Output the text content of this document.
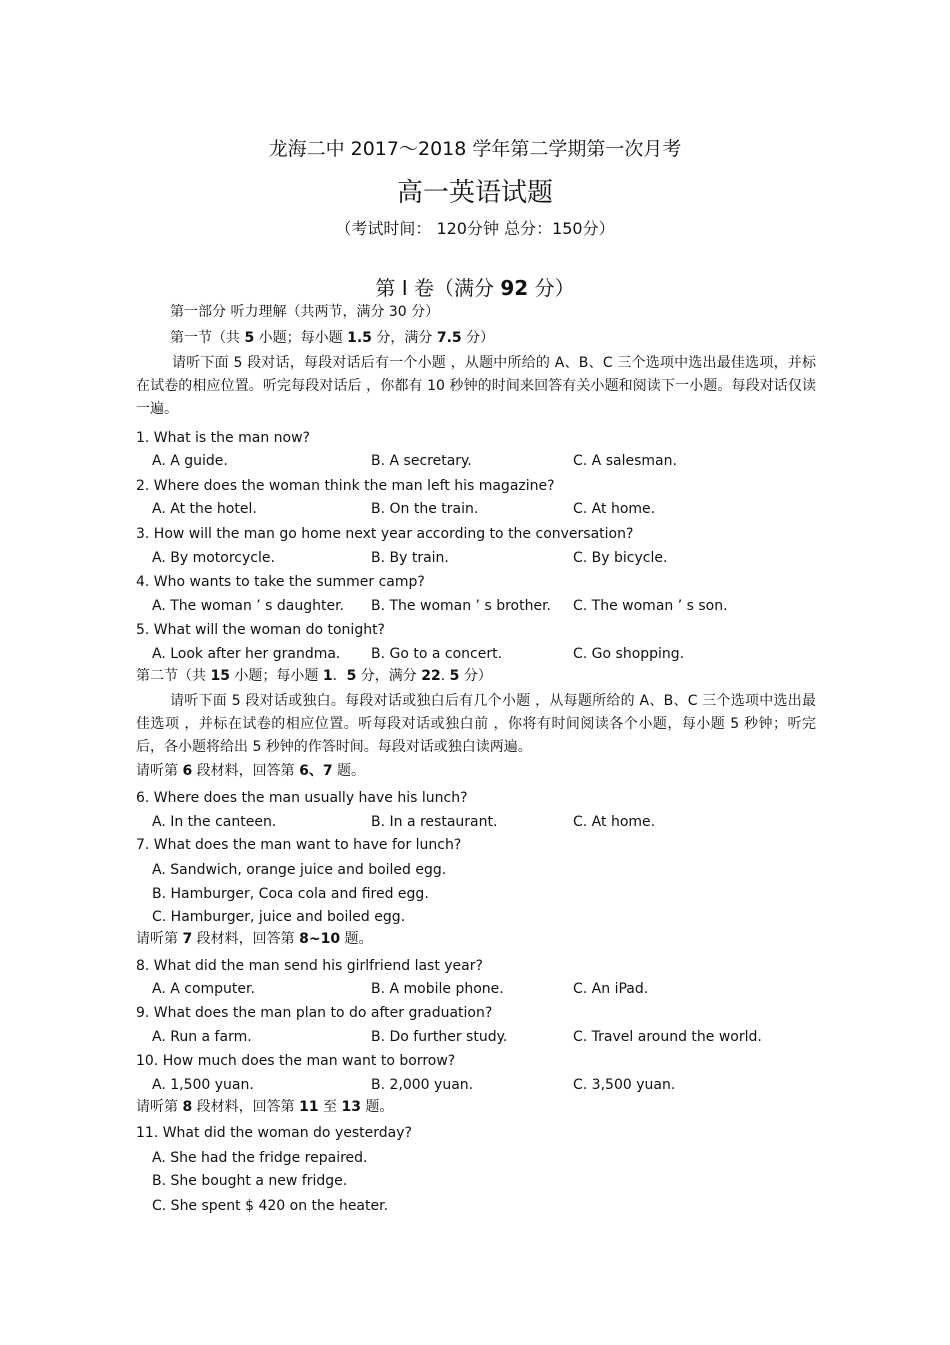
龙海二中 2017～2018 学年第二学期第一次月考
高一英语试题
（考试时间： 120分钟 总分：150分）
第 I 卷（满分 92 分）
第一部分 听力理解（共两节，满分 30 分）
第一节（共 5 小题；每小题 1.5 分，满分 7.5 分）
请听下面 5 段对话，每段对话后有一个小题 ，从题中所给的 A、B、C 三个选项中选出最佳选项，并标在试卷的相应位置。听完每段对话后 ，你都有 10 秒钟的时间来回答有关小题和阅读下一小题。每段对话仅读一遍。
1. What is the man now?
A. A guide.	B. A secretary.	C. A salesman.
2. Where does the woman think the man left his magazine?
A. At the hotel.	B. On the train.	C. At home.
3. How will the man go home next year according to the conversation?
A. By motorcycle.	B. By train.	C. By bicycle.
4. Who wants to take the summer camp?
A. The woman ’ s daughter. B. The woman ’ s brother. C. The woman ’ s son.
5. What will the woman do tonight?
A. Look after her grandma. B. Go to a concert.	C. Go shopping.
第二节（共 15 小题；每小题 1．5 分，满分 22. 5 分）
请听下面 5 段对话或独白。每段对话或独白后有几个小题 ，从每题所给的 A、B、C 三个选项中选出最佳选项 ，并标在试卷的相应位置。听每段对话或独白前 ，你将有时间阅读各个小题，每小题 5 秒钟；听完后，各小题将给出 5 秒钟的作答时间。每段对话或独白读两遍。
请听第 6 段材料，回答第 6、7 题。
6. Where does the man usually have his lunch?
A. In the canteen.	B. In a restaurant.	C. At home.
7. What does the man want to have for lunch?
A. Sandwich, orange juice and boiled egg.
B. Hamburger, Coca cola and fired egg.
C. Hamburger, juice and boiled egg.
请听第 7 段材料，回答第 8~10 题。
8. What did the man send his girlfriend last year?
A. A computer.	B. A mobile phone.	C. An iPad.
9. What does the man plan to do after graduation?
A. Run a farm.	B. Do further study.	C. Travel around the world.
10. How much does the man want to borrow?
A. 1,500 yuan.	B. 2,000 yuan.	C. 3,500 yuan.
请听第 8 段材料，回答第 11 至 13 题。
11. What did the woman do yesterday?
A. She had the fridge repaired.
B. She bought a new fridge.
C. She spent $ 420 on the heater.
